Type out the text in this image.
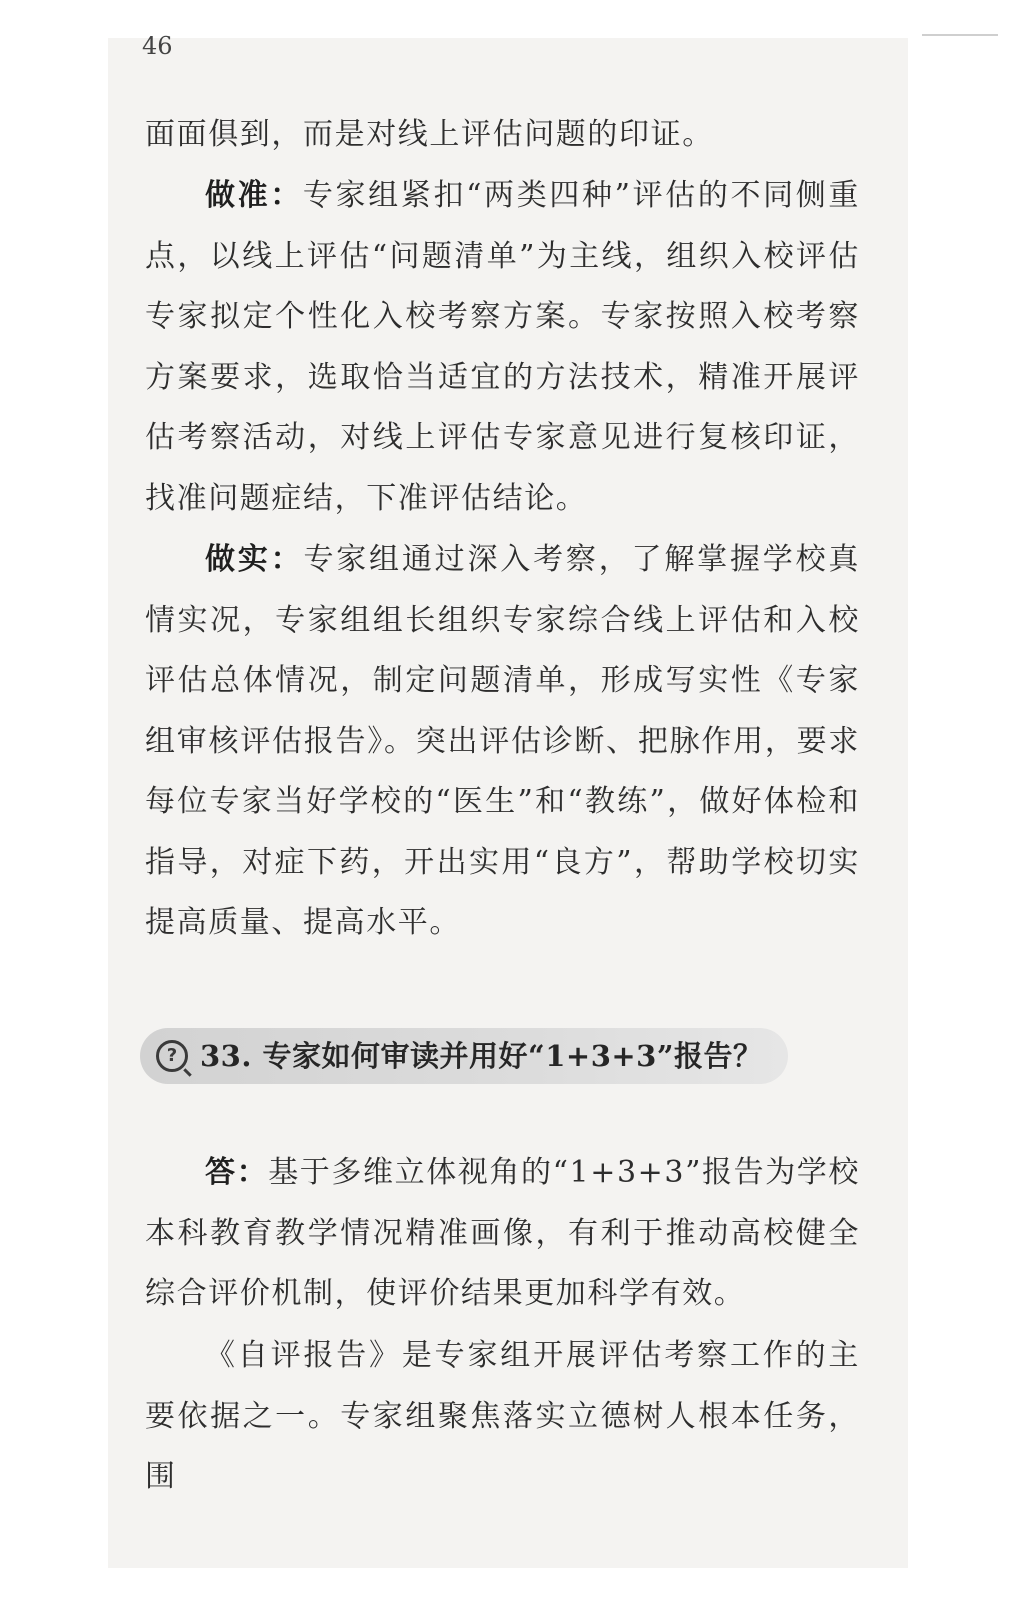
46

面面俱到，而是对线上评估问题的印证。

做准：专家组紧扣“两类四种”评估的不同侧重点，以线上评估“问题清单”为主线，组织入校评估专家拟定个性化入校考察方案。专家按照入校考察方案要求，选取恰当适宜的方法技术，精准开展评估考察活动，对线上评估专家意见进行复核印证，找准问题症结，下准评估结论。

做实：专家组通过深入考察，了解掌握学校真情实况，专家组组长组织专家综合线上评估和入校评估总体情况，制定问题清单，形成写实性《专家组审核评估报告》。突出评估诊断、把脉作用，要求每位专家当好学校的“医生”和“教练”，做好体检和指导，对症下药，开出实用“良方”，帮助学校切实提高质量、提高水平。

? 33. 专家如何审读并用好“1+3+3”报告？

答：基于多维立体视角的“1+3+3”报告为学校本科教育教学情况精准画像，有利于推动高校健全综合评价机制，使评价结果更加科学有效。

《自评报告》是专家组开展评估考察工作的主要依据之一。专家组聚焦落实立德树人根本任务，围
